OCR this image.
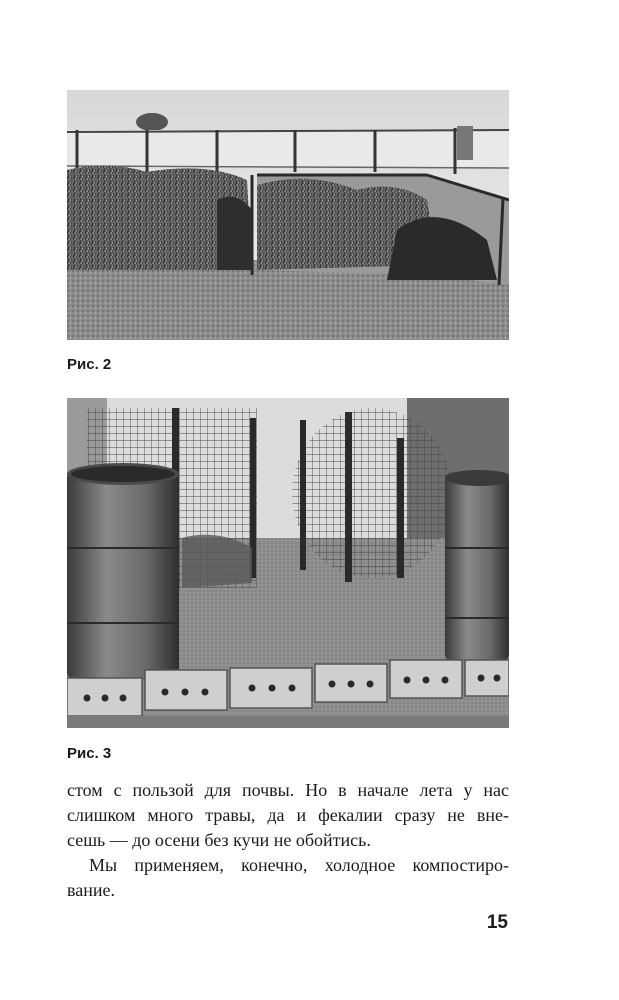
Рис. 2
Рис. 3

стом с пользой для почвы. Но в начале лета у нас
слишком много травы, да и фекалии сразу не вне-
сешь — до осени без кучи не обойтись.

Мы применяем, конечно, холодное компостиро-
вание.

15
